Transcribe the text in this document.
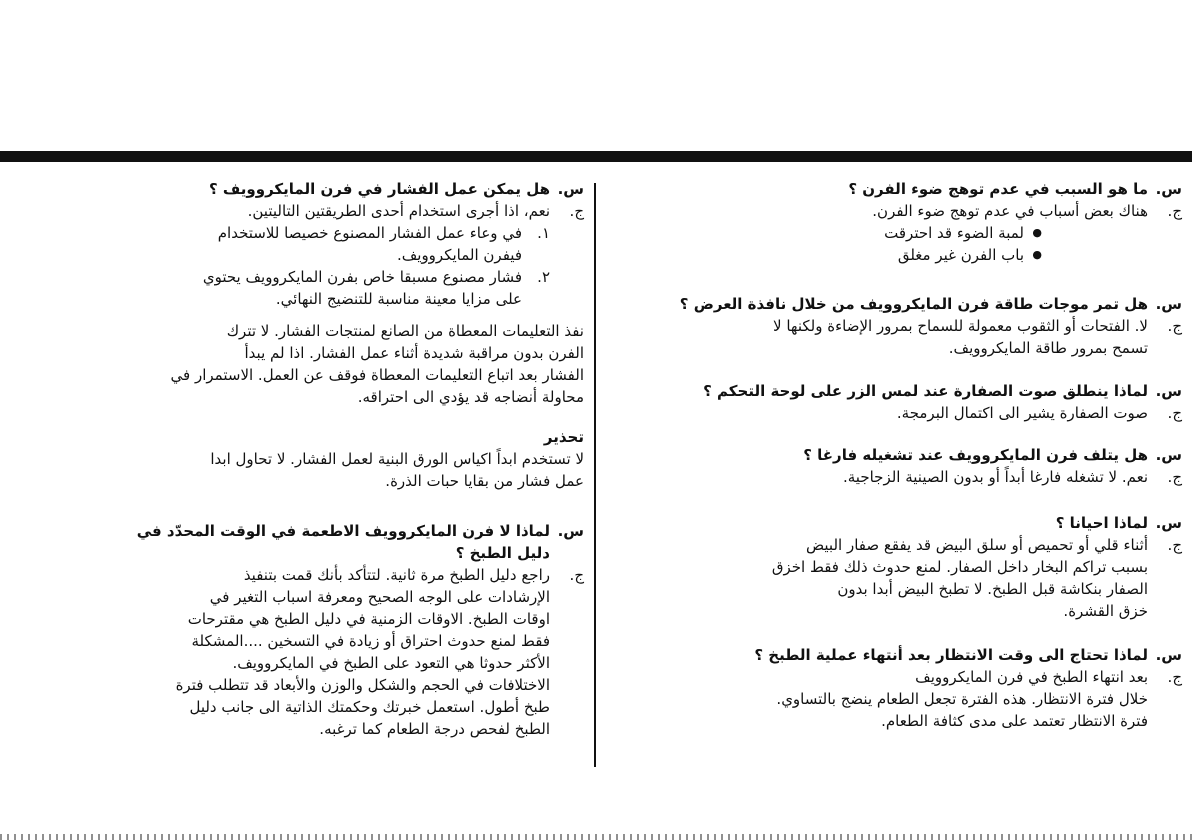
س.
ما هو السبب في عدم توهج ضوء الفرن ؟
ج.

هناك بعض أسباب في عدم توهج ضوء الفرن.

● لمبة الضوء قد احترقت
● باب الفرن غير مغلق
س.
هل تمر موجات طاقة فرن المايكروويف من خلال نافذة العرض ؟
ج.

لا. الفتحات أو الثقوب معمولة للسماح بمرور الإضاءة ولكنها لا

تسمح بمرور طاقة المايكروويف.

س.
لماذا ينطلق صوت الصفارة عند لمس الزر على لوحة التحكم ؟
ج.

صوت الصفارة يشير الى اكتمال البرمجة.

س.
هل يتلف فرن المايكروويف عند تشغيله فارغا ؟
ج.

نعم. لا تشغله فارغا أبداً أو بدون الصينية الزجاجية.

س.
لماذا احيانا ؟
ج.

أثناء قلي أو تحميص أو سلق البيض قد يفقع صفار البيض

بسبب تراكم البخار داخل الصفار. لمنع حدوث ذلك فقط اخزق

الصفار بنكاشة قبل الطبخ. لا تطبخ البيض أبدا بدون

خزق القشرة.

س.
لماذا تحتاج الى وقت الانتظار بعد أنتهاء عملية الطبخ ؟
ج.

بعد انتهاء الطبخ في فرن المايكروويف

خلال فترة الانتظار. هذه الفترة تجعل الطعام ينضج بالتساوي.

فترة الانتظار تعتمد على مدى كثافة الطعام.

س.
هل يمكن عمل الفشار في فرن المايكروويف ؟
ج.

نعم، اذا أجرى استخدام أحدى الطريقتين التاليتين.

١.
في وعاء عمل الفشار المصنوع خصيصا للاستخدام
فيفرن المايكروويف.
٢.
فشار مصنوع مسبقا خاص بفرن المايكروويف يحتوي
على مزايا معينة مناسبة للتنضيج النهائي.

نفذ التعليمات المعطاة من الصانع لمنتجات الفشار. لا تترك

الفرن بدون مراقبة شديدة أثناء عمل الفشار. اذا لم يبدأ

الفشار بعد اتباع التعليمات المعطاة فوقف عن العمل. الاستمرار في

محاولة أنضاجه قد يؤدي الى احتراقه.

تحذير

لا تستخدم ابداً اكياس الورق البنية لعمل الفشار. لا تحاول ابدا

عمل فشار من بقايا حبات الذرة.

س.
لماذا لا فرن المايكروويف الاطعمة في الوقت المحدّد في
دليل الطبخ ؟
ج.

راجع دليل الطبخ مرة ثانية. لتتأكد بأنك قمت بتنفيذ

الإرشادات على الوجه الصحيح ومعرفة اسباب التغير في

اوقات الطبخ. الاوقات الزمنية في دليل الطبخ هي مقترحات

فقط لمنع حدوث احتراق أو زيادة في التسخين ....المشكلة

الأكثر حدوثا هي التعود على الطبخ في المايكروويف.

الاختلافات في الحجم والشكل والوزن والأبعاد قد تتطلب فترة

طبخ أطول. استعمل خبرتك وحكمتك الذاتية الى جانب دليل

الطبخ لفحص درجة الطعام كما ترغبه.
